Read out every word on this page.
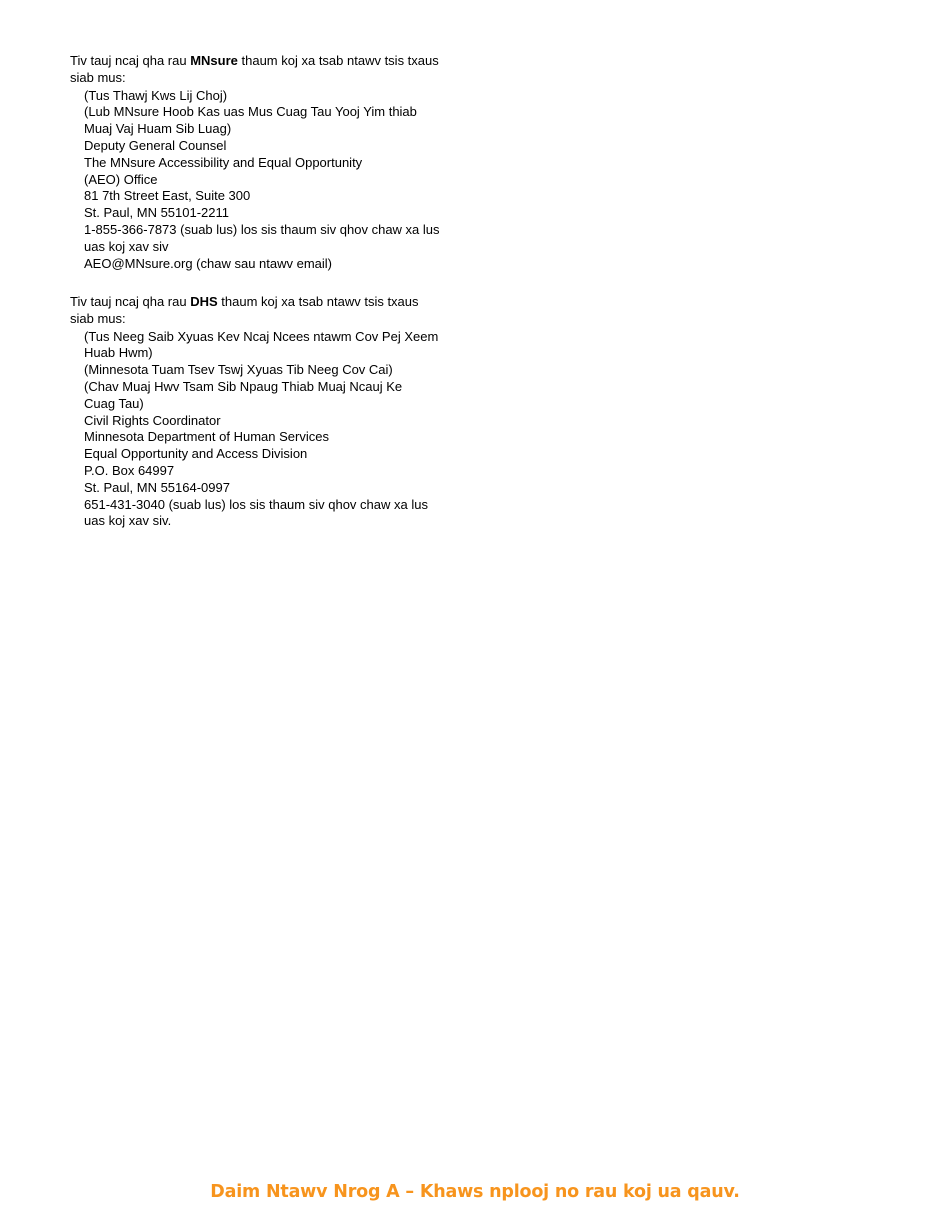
Tiv tauj ncaj qha rau MNsure thaum koj xa tsab ntawv tsis txaus
siab mus:
(Tus Thawj Kws Lij Choj)
(Lub MNsure Hoob Kas uas Mus Cuag Tau Yooj Yim thiab
Muaj Vaj Huam Sib Luag)
Deputy General Counsel
The MNsure Accessibility and Equal Opportunity
(AEO) Office
81 7th Street East, Suite 300
St. Paul, MN 55101-2211
1-855-366-7873 (suab lus) los sis thaum siv qhov chaw xa lus
uas koj xav siv
AEO@MNsure.org (chaw sau ntawv email)
Tiv tauj ncaj qha rau DHS thaum koj xa tsab ntawv tsis txaus
siab mus:
(Tus Neeg Saib Xyuas Kev Ncaj Ncees ntawm Cov Pej Xeem
Huab Hwm)
(Minnesota Tuam Tsev Tswj Xyuas Tib Neeg Cov Cai)
(Chav Muaj Hwv Tsam Sib Npaug Thiab Muaj Ncauj Ke
Cuag Tau)
Civil Rights Coordinator
Minnesota Department of Human Services
Equal Opportunity and Access Division
P.O. Box 64997
St. Paul, MN 55164-0997
651-431-3040 (suab lus) los sis thaum siv qhov chaw xa lus
uas koj xav siv.
Daim Ntawv Nrog A – Khaws nplooj no rau koj ua qauv.
